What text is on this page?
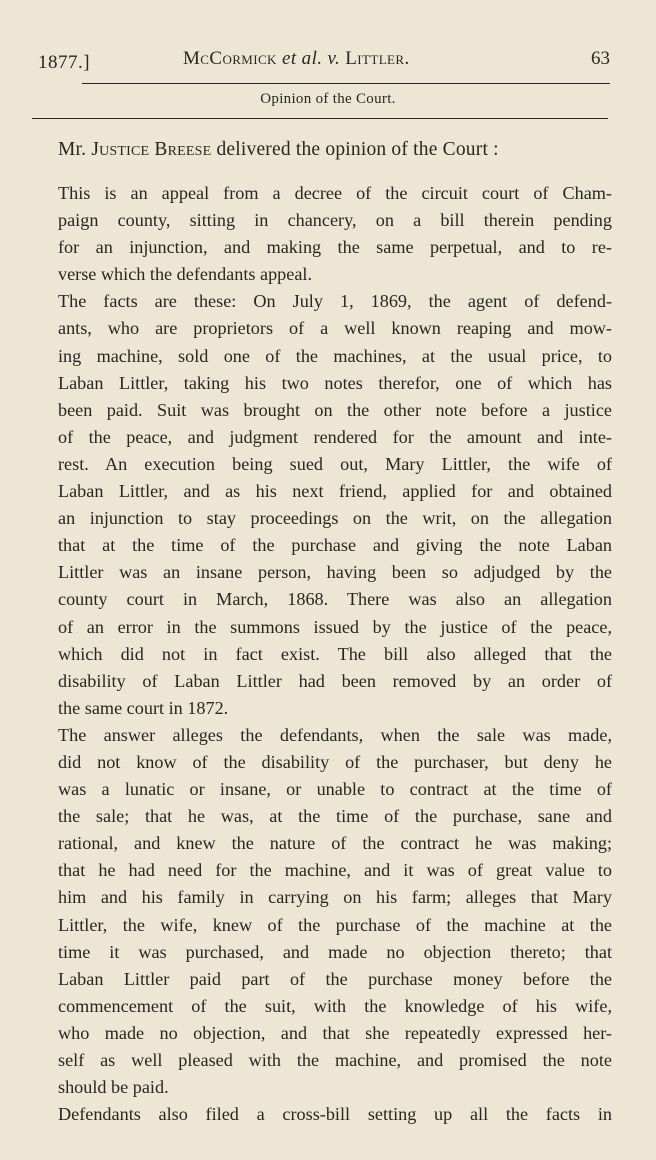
1877.]	McCormick et al. v. Littler.	63
Opinion of the Court.
Mr. Justice Breese delivered the opinion of the Court :
This is an appeal from a decree of the circuit court of Cham-
paign county, sitting in chancery, on a bill therein pending
for an injunction, and making the same perpetual, and to re-
verse which the defendants appeal.
The facts are these: On July 1, 1869, the agent of defend-
ants, who are proprietors of a well known reaping and mow-
ing machine, sold one of the machines, at the usual price, to
Laban Littler, taking his two notes therefor, one of which has
been paid. Suit was brought on the other note before a justice
of the peace, and judgment rendered for the amount and inte-
rest. An execution being sued out, Mary Littler, the wife of
Laban Littler, and as his next friend, applied for and obtained
an injunction to stay proceedings on the writ, on the allegation
that at the time of the purchase and giving the note Laban
Littler was an insane person, having been so adjudged by the
county court in March, 1868. There was also an allegation
of an error in the summons issued by the justice of the peace,
which did not in fact exist. The bill also alleged that the
disability of Laban Littler had been removed by an order of
the same court in 1872.
The answer alleges the defendants, when the sale was made,
did not know of the disability of the purchaser, but deny he
was a lunatic or insane, or unable to contract at the time of
the sale; that he was, at the time of the purchase, sane and
rational, and knew the nature of the contract he was making;
that he had need for the machine, and it was of great value to
him and his family in carrying on his farm; alleges that Mary
Littler, the wife, knew of the purchase of the machine at the
time it was purchased, and made no objection thereto; that
Laban Littler paid part of the purchase money before the
commencement of the suit, with the knowledge of his wife,
who made no objection, and that she repeatedly expressed her-
self as well pleased with the machine, and promised the note
should be paid.
Defendants also filed a cross-bill setting up all the facts in
